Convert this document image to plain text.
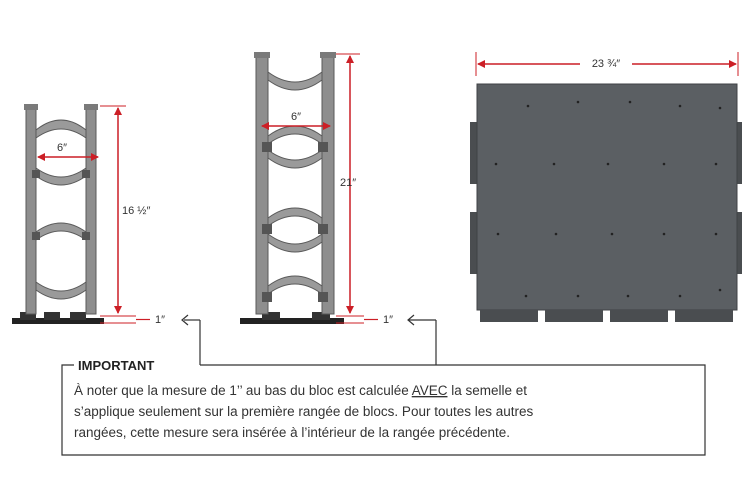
6″
16 ½″
1″
6″
21″
1″
23 ¾″
IMPORTANT
À noter que la mesure de 1’’ au bas du bloc est calculée AVEC la semelle et
s’applique seulement sur la première rangée de blocs. Pour toutes les autres
rangées, cette mesure sera insérée à l’intérieur de la rangée précédente.
